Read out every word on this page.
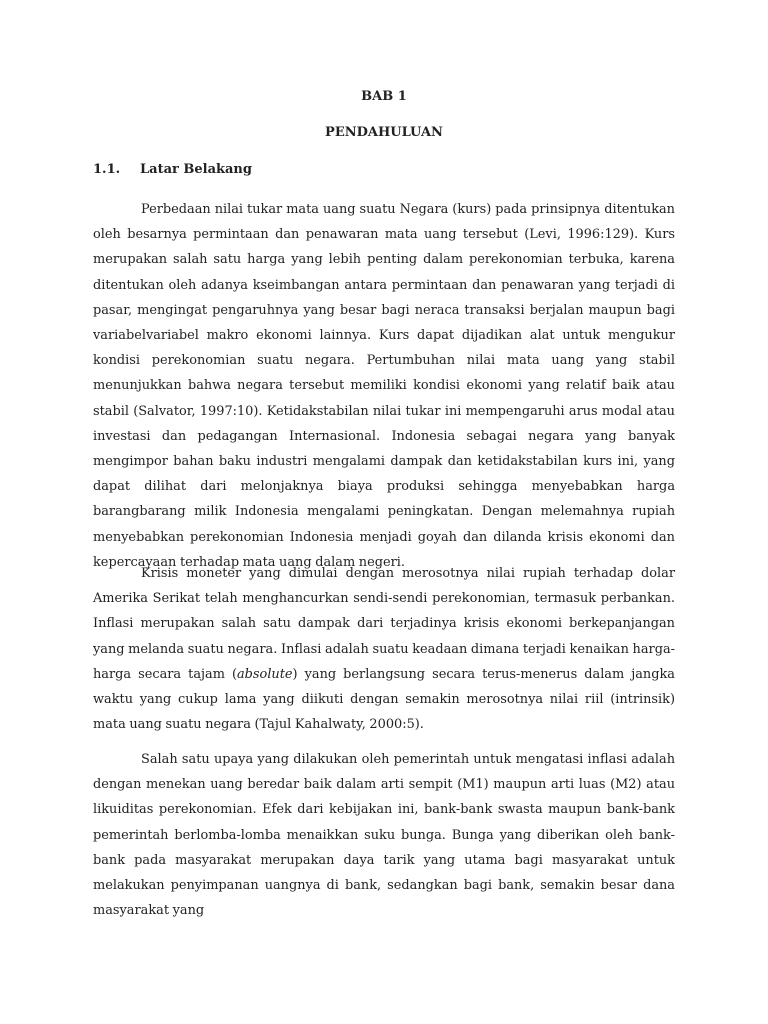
BAB 1
PENDAHULUAN
1.1. Latar Belakang

Perbedaan nilai tukar mata uang suatu Negara (kurs) pada prinsipnya ditentukan oleh besarnya permintaan dan penawaran mata uang tersebut (Levi, 1996:129). Kurs merupakan salah satu harga yang lebih penting dalam perekonomian terbuka, karena ditentukan oleh adanya kseimbangan antara permintaan dan penawaran yang terjadi di pasar, mengingat pengaruhnya yang besar bagi neraca transaksi berjalan maupun bagi variabelvariabel makro ekonomi lainnya. Kurs dapat dijadikan alat untuk mengukur kondisi perekonomian suatu negara. Pertumbuhan nilai mata uang yang stabil menunjukkan bahwa negara tersebut memiliki kondisi ekonomi yang relatif baik atau stabil (Salvator, 1997:10). Ketidakstabilan nilai tukar ini mempengaruhi arus modal atau investasi dan pedagangan Internasional. Indonesia sebagai negara yang banyak mengimpor bahan baku industri mengalami dampak dan ketidakstabilan kurs ini, yang dapat dilihat dari melonjaknya biaya produksi sehingga menyebabkan harga barangbarang milik Indonesia mengalami peningkatan. Dengan melemahnya rupiah menyebabkan perekonomian Indonesia menjadi goyah dan dilanda krisis ekonomi dan kepercayaan terhadap mata uang dalam negeri.

Krisis moneter yang dimulai dengan merosotnya nilai rupiah terhadap dolar Amerika Serikat telah menghancurkan sendi-sendi perekonomian, termasuk perbankan. Inflasi merupakan salah satu dampak dari terjadinya krisis ekonomi berkepanjangan yang melanda suatu negara. Inflasi adalah suatu keadaan dimana terjadi kenaikan harga-harga secara tajam (absolute) yang berlangsung secara terus-menerus dalam jangka waktu yang cukup lama yang diikuti dengan semakin merosotnya nilai riil (intrinsik) mata uang suatu negara (Tajul Kahalwaty, 2000:5).

Salah satu upaya yang dilakukan oleh pemerintah untuk mengatasi inflasi adalah dengan menekan uang beredar baik dalam arti sempit (M1) maupun arti luas (M2) atau likuiditas perekonomian. Efek dari kebijakan ini, bank-bank swasta maupun bank-bank pemerintah berlomba-lomba menaikkan suku bunga. Bunga yang diberikan oleh bank-bank pada masyarakat merupakan daya tarik yang utama bagi masyarakat untuk melakukan penyimpanan uangnya di bank, sedangkan bagi bank, semakin besar dana masyarakat yang
